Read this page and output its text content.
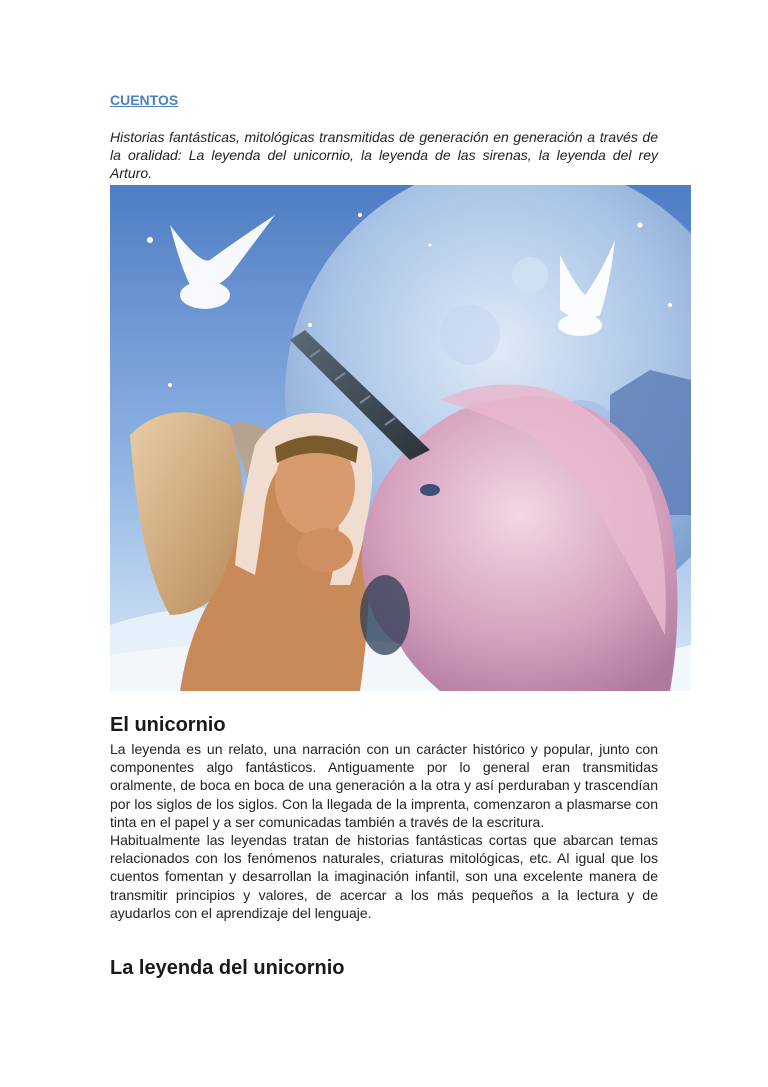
CUENTOS

Historias fantásticas, mitológicas transmitidas de generación en generación a través de la oralidad: La leyenda del unicornio, la leyenda de las sirenas, la leyenda del rey Arturo.

El unicornio
La leyenda es un relato, una narración con un carácter histórico y popular, junto con componentes algo fantásticos. Antiguamente por lo general eran transmitidas oralmente, de boca en boca de una generación a la otra y así perduraban y trascendían por los siglos de los siglos. Con la llegada de la imprenta, comenzaron a plasmarse con tinta en el papel y a ser comunicadas también a través de la escritura.
Habitualmente las leyendas tratan de historias fantásticas cortas que abarcan temas relacionados con los fenómenos naturales, criaturas mitológicas, etc. Al igual que los cuentos fomentan y desarrollan la imaginación infantil, son una excelente manera de transmitir principios y valores, de acercar a los más pequeños a la lectura y de ayudarlos con el aprendizaje del lenguaje.
La leyenda del unicornio
